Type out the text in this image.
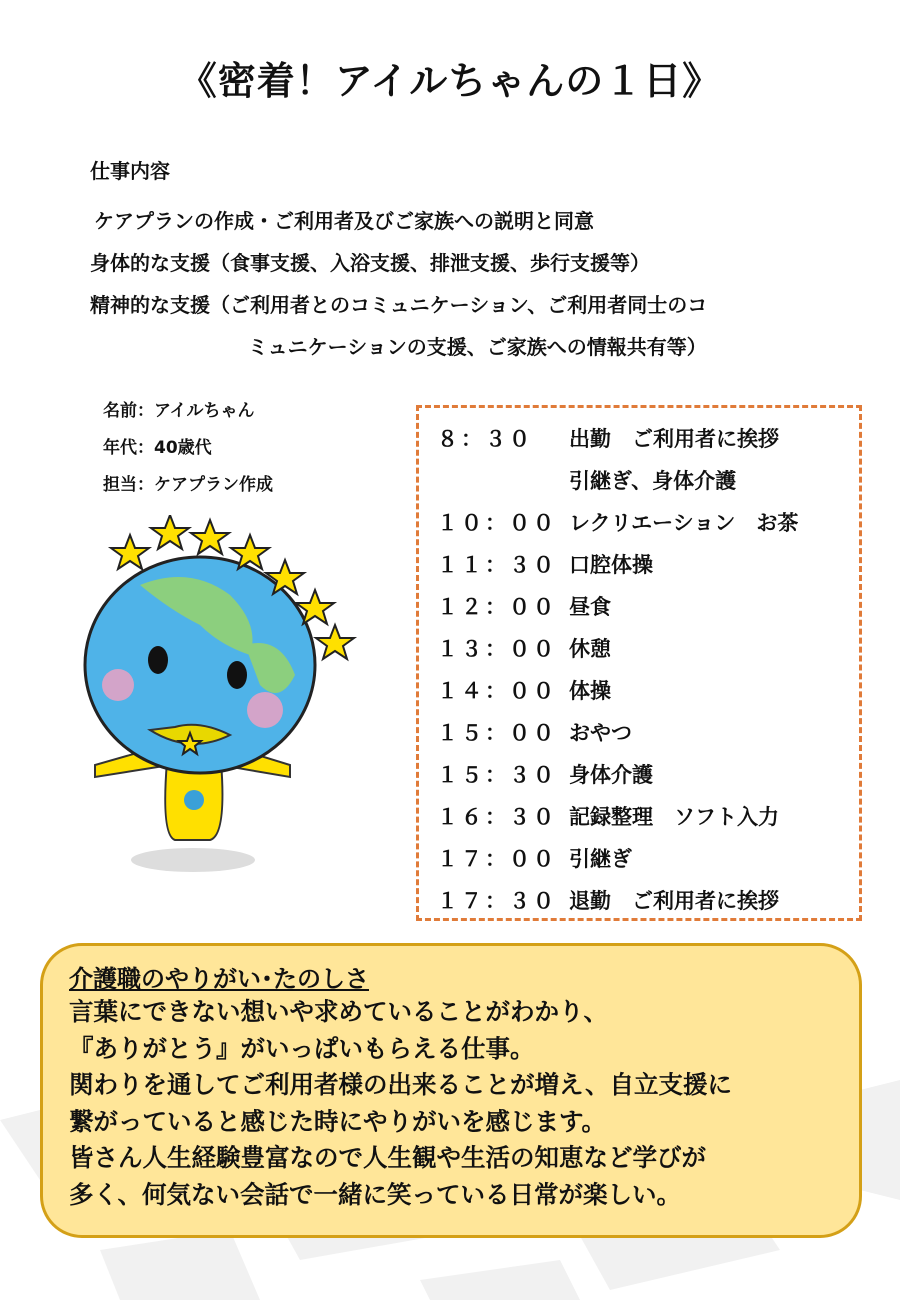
《密着！アイルちゃんの１日》
仕事内容
ケアプランの作成・ご利用者及びご家族への説明と同意
身体的な支援（食事支援、入浴支援、排泄支援、歩行支援等）
精神的な支援（ご利用者とのコミュニケーション、ご利用者同士のコ
ミュニケーションの支援、ご家族への情報共有等）
名前：アイルちゃん
年代：40歳代
担当：ケアプラン作成
８：３０ 出勤　ご利用者に挨拶
引継ぎ、身体介護
１０：００ レクリエーション　お茶
１１：３０ 口腔体操
１２：００ 昼食
１３：００ 休憩
１４：００ 体操
１５：００ おやつ
１５：３０ 身体介護
１６：３０ 記録整理　ソフト入力
１７：００ 引継ぎ
１７：３０ 退勤　ご利用者に挨拶
介護職のやりがい･たのしさ
言葉にできない想いや求めていることがわかり、
『ありがとう』がいっぱいもらえる仕事。
関わりを通してご利用者様の出来ることが増え、自立支援に
繋がっていると感じた時にやりがいを感じます。
皆さん人生経験豊富なので人生観や生活の知恵など学びが
多く、何気ない会話で一緒に笑っている日常が楽しい。
